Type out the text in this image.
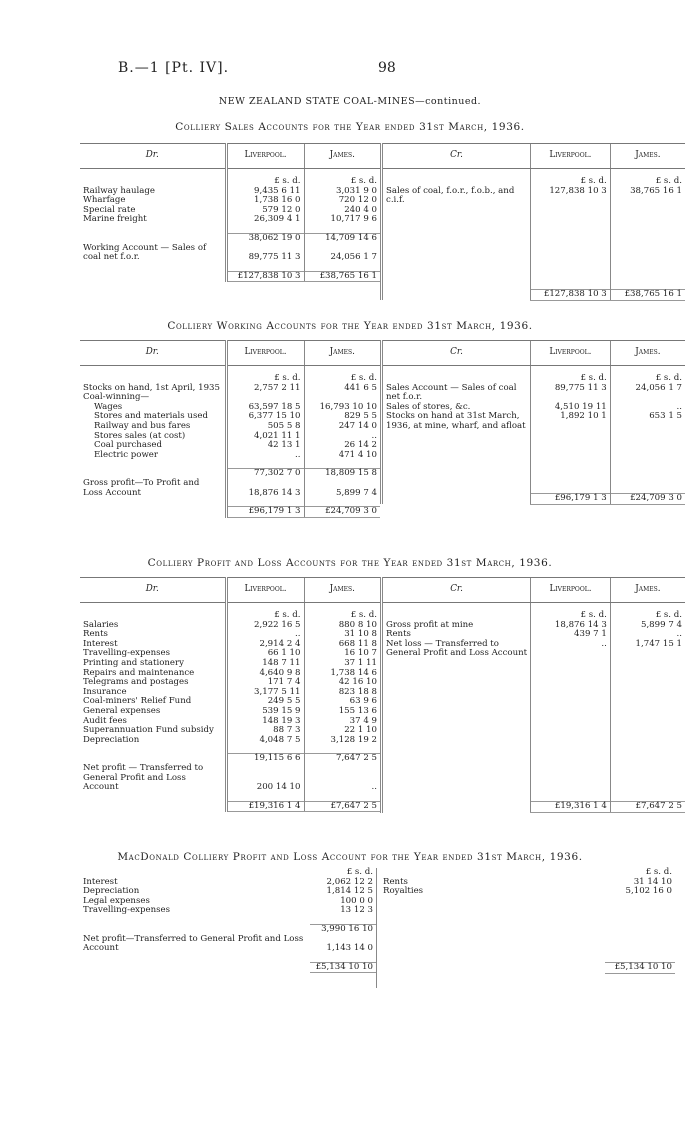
B.—1 [Pt. IV].	98
NEW ZEALAND STATE COAL-MINES—continued.
Colliery Sales Accounts for the Year ended 31st March, 1936.
Dr.	Liverpool.	James.

	£ s. d.	£ s. d.
Railway haulage	9,435 6 11	3,031 9 0
Wharfage	1,738 16 0	720 12 0
Special rate	579 12 0	240 4 0
Marine freight	26,309 4 1	10,717 9 6

	38,062 19 0	14,709 14 6
Working Account — Sales of coal net f.o.r.	89,775 11 3	24,056 1 7

	£127,838 10 3	£38,765 16 1
Cr.	Liverpool.	James.

	£ s. d.	£ s. d.
Sales of coal, f.o.r., f.o.b., and c.i.f.	127,838 10 3	38,765 16 1

	£127,838 10 3	£38,765 16 1
Colliery Working Accounts for the Year ended 31st March, 1936.
Dr.	Liverpool.	James.

	£ s. d.	£ s. d.
Stocks on hand, 1st April, 1935	2,757 2 11	441 6 5
Coal-winning—		
Wages	63,597 18 5	16,793 10 10
Stores and materials used	6,377 15 10	829 5 5
Railway and bus fares	505 5 8	247 14 0
Stores sales (at cost)	4,021 11 1	..
Coal purchased	42 13 1	26 14 2
Electric power	..	471 4 10

	77,302 7 0	18,809 15 8
Gross profit—To Profit and Loss Account	18,876 14 3	5,899 7 4

	£96,179 1 3	£24,709 3 0
Cr.	Liverpool.	James.

	£ s. d.	£ s. d.
Sales Account — Sales of coal net f.o.r.	89,775 11 3	24,056 1 7
Sales of stores, &c.	4,510 19 11	..
Stocks on hand at 31st March, 1936, at mine, wharf, and afloat	1,892 10 1	653 1 5

	£96,179 1 3	£24,709 3 0
Colliery Profit and Loss Accounts for the Year ended 31st March, 1936.
Dr.	Liverpool.	James.

	£ s. d.	£ s. d.
Salaries	2,922 16 5	880 8 10
Rents	..	31 10 8
Interest	2,914 2 4	668 11 8
Travelling-expenses	66 1 10	16 10 7
Printing and stationery	148 7 11	37 1 11
Repairs and maintenance	4,640 9 8	1,738 14 6
Telegrams and postages	171 7 4	42 16 10
Insurance	3,177 5 11	823 18 8
Coal-miners' Relief Fund	249 5 5	63 9 6
General expenses	539 15 9	155 13 6
Audit fees	148 19 3	37 4 9
Superannuation Fund subsidy	88 7 3	22 1 10
Depreciation	4,048 7 5	3,128 19 2

	19,115 6 6	7,647 2 5
Net profit — Transferred to General Profit and Loss Account	200 14 10	..

	£19,316 1 4	£7,647 2 5
Cr.	Liverpool.	James.

	£ s. d.	£ s. d.
Gross profit at mine	18,876 14 3	5,899 7 4
Rents	439 7 1	..
Net loss — Transferred to General Profit and Loss Account	..	1,747 15 1

	£19,316 1 4	£7,647 2 5
MacDonald Colliery Profit and Loss Account for the Year ended 31st March, 1936.
	£ s. d.
Interest	2,062 12 2
Depreciation	1,814 12 5
Legal expenses	100 0 0
Travelling-expenses	13 12 3

	3,990 16 10
Net profit—Transferred to General Profit and Loss Account	1,143 14 0

	£5,134 10 10
	£ s. d.
Rents	31 14 10
Royalties	5,102 16 0

	£5,134 10 10
